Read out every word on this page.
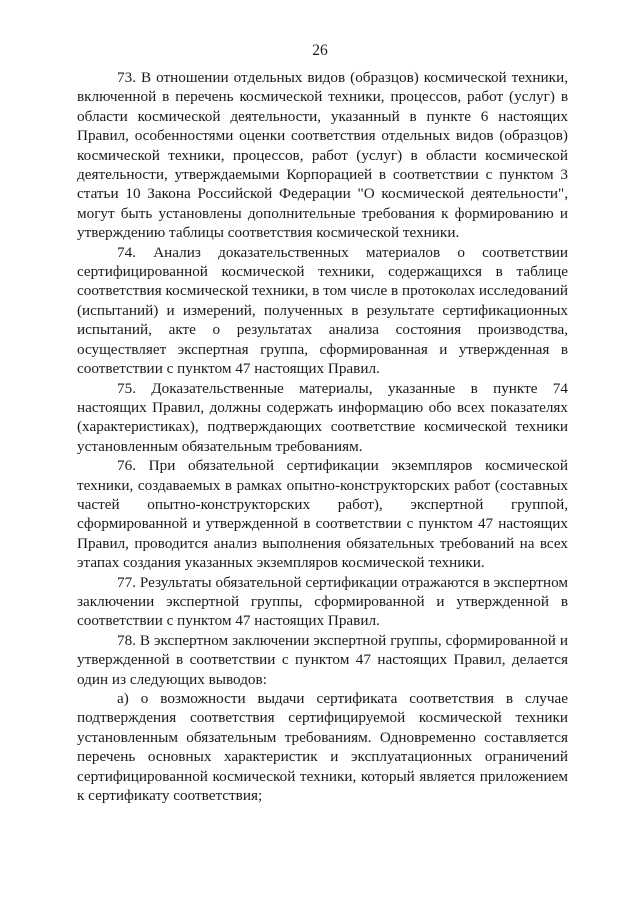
26

73. В отношении отдельных видов (образцов) космической техники, включенной в перечень космической техники, процессов, работ (услуг) в области космической деятельности, указанный в пункте 6 настоящих Правил, особенностями оценки соответствия отдельных видов (образцов) космической техники, процессов, работ (услуг) в области космической деятельности, утверждаемыми Корпорацией в соответствии с пунктом 3 статьи 10 Закона Российской Федерации "О космической деятельности", могут быть установлены дополнительные требования к формированию и утверждению таблицы соответствия космической техники.

74. Анализ доказательственных материалов о соответствии сертифицированной космической техники, содержащихся в таблице соответствия космической техники, в том числе в протоколах исследований (испытаний) и измерений, полученных в результате сертификационных испытаний, акте о результатах анализа состояния производства, осуществляет экспертная группа, сформированная и утвержденная в соответствии с пунктом 47 настоящих Правил.

75. Доказательственные материалы, указанные в пункте 74 настоящих Правил, должны содержать информацию обо всех показателях (характеристиках), подтверждающих соответствие космической техники установленным обязательным требованиям.

76. При обязательной сертификации экземпляров космической техники, создаваемых в рамках опытно-конструкторских работ (составных частей опытно-конструкторских работ), экспертной группой, сформированной и утвержденной в соответствии с пунктом 47 настоящих Правил, проводится анализ выполнения обязательных требований на всех этапах создания указанных экземпляров космической техники.

77. Результаты обязательной сертификации отражаются в экспертном заключении экспертной группы, сформированной и утвержденной в соответствии с пунктом 47 настоящих Правил.

78. В экспертном заключении экспертной группы, сформированной и утвержденной в соответствии с пунктом 47 настоящих Правил, делается один из следующих выводов:

а) о возможности выдачи сертификата соответствия в случае подтверждения соответствия сертифицируемой космической техники установленным обязательным требованиям. Одновременно составляется перечень основных характеристик и эксплуатационных ограничений сертифицированной космической техники, который является приложением к сертификату соответствия;
